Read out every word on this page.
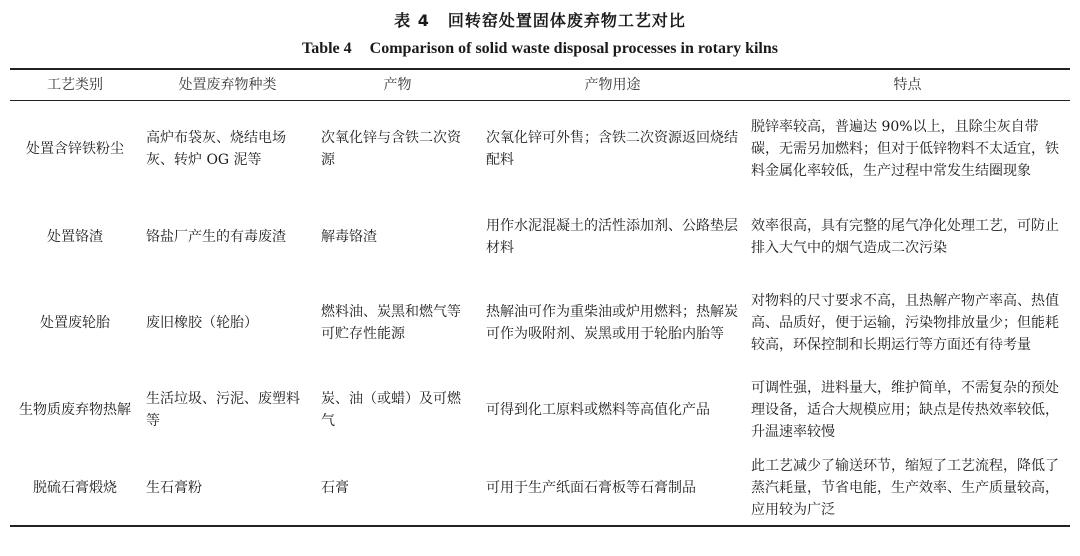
表 4 回转窑处置固体废弃物工艺对比
Table 4 Comparison of solid waste disposal processes in rotary kilns
工艺类别	处置废弃物种类	产物	产物用途	特点
处置含锌铁粉尘	高炉布袋灰、烧结电场灰、转炉 OG 泥等	次氧化锌与含铁二次资源	次氧化锌可外售；含铁二次资源返回烧结配料	脱锌率较高，普遍达 90%以上，且除尘灰自带碳，无需另加燃料；但对于低锌物料不太适宜，铁料金属化率较低，生产过程中常发生结圈现象
处置铬渣	铬盐厂产生的有毒废渣	解毒铬渣	用作水泥混凝土的活性添加剂、公路垫层材料	效率很高，具有完整的尾气净化处理工艺，可防止排入大气中的烟气造成二次污染
处置废轮胎	废旧橡胶（轮胎）	燃料油、炭黑和燃气等可贮存性能源	热解油可作为重柴油或炉用燃料；热解炭可作为吸附剂、炭黑或用于轮胎内胎等	对物料的尺寸要求不高，且热解产物产率高、热值高、品质好，便于运输，污染物排放量少；但能耗较高，环保控制和长期运行等方面还有待考量
生物质废弃物热解	生活垃圾、污泥、废塑料等	炭、油（或蜡）及可燃气	可得到化工原料或燃料等高值化产品	可调性强，进料量大，维护简单，不需复杂的预处理设备，适合大规模应用；缺点是传热效率较低，升温速率较慢
脱硫石膏煅烧	生石膏粉	石膏	可用于生产纸面石膏板等石膏制品	此工艺减少了输送环节，缩短了工艺流程，降低了蒸汽耗量，节省电能，生产效率、生产质量较高，应用较为广泛
